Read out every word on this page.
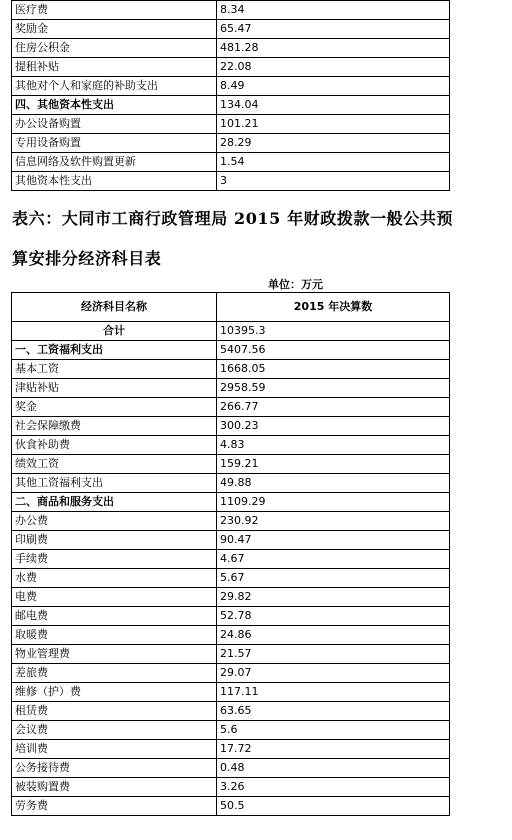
医疗费	8.34
奖励金	65.47
住房公积金	481.28
提租补贴	22.08
其他对个人和家庭的补助支出	8.49
四、其他资本性支出	134.04
办公设备购置	101.21
专用设备购置	28.29
信息网络及软件购置更新	1.54
其他资本性支出	3
表六：大同市工商行政管理局 2015 年财政拨款一般公共预
算安排分经济科目表
单位：万元
经济科目名称	2015 年决算数
合计	10395.3
一、工资福利支出	5407.56
基本工资	1668.05
津贴补贴	2958.59
奖金	266.77
社会保障缴费	300.23
伙食补助费	4.83
绩效工资	159.21
其他工资福利支出	49.88
二、商品和服务支出	1109.29
办公费	230.92
印刷费	90.47
手续费	4.67
水费	5.67
电费	29.82
邮电费	52.78
取暖费	24.86
物业管理费	21.57
差旅费	29.07
维修（护）费	117.11
租赁费	63.65
会议费	5.6
培训费	17.72
公务接待费	0.48
被装购置费	3.26
劳务费	50.5
